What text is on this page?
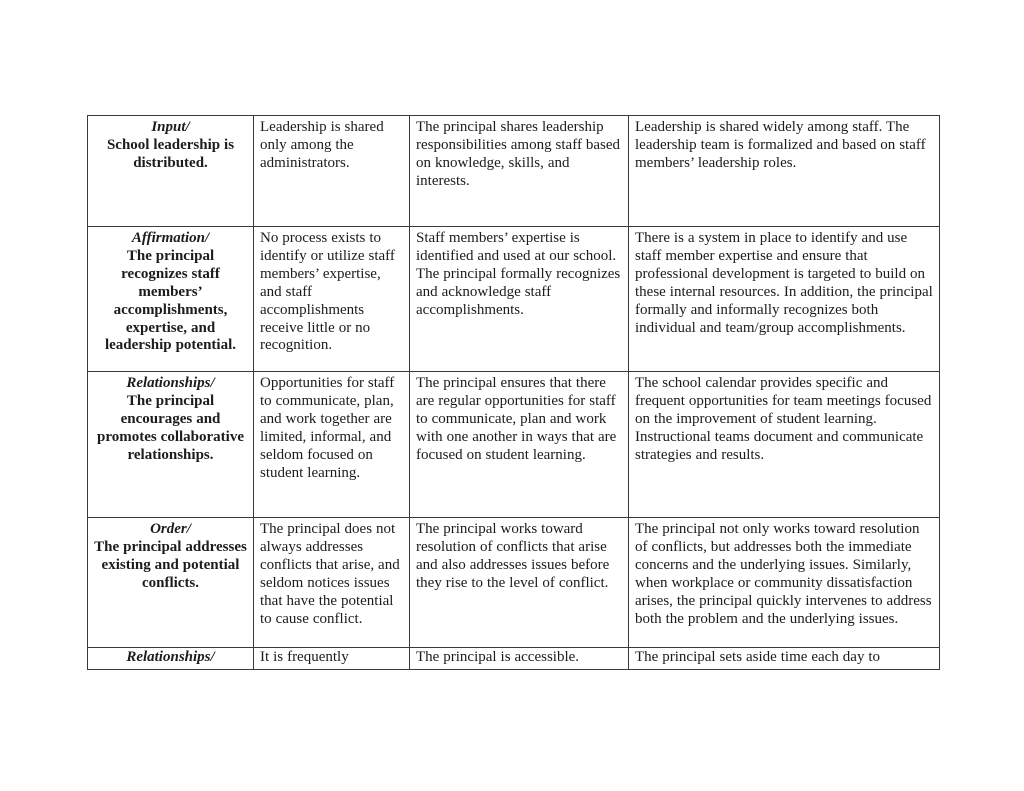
Input/
School leadership is distributed.	Leadership is shared only among the administrators.	The principal shares leadership responsibilities among staff based on knowledge, skills, and interests.	Leadership is shared widely among staff. The leadership team is formalized and based on staff members’ leadership roles.

Affirmation/
The principal recognizes staff members’ accomplishments, expertise, and leadership potential.	No process exists to identify or utilize staff members’ expertise, and staff accomplishments receive little or no recognition.	Staff members’ expertise is identified and used at our school. The principal formally recognizes and acknowledge staff accomplishments.	There is a system in place to identify and use staff member expertise and ensure that professional development is targeted to build on these internal resources. In addition, the principal formally and informally recognizes both individual and team/group accomplishments.

Relationships/
The principal encourages and promotes collaborative relationships.	Opportunities for staff to communicate, plan, and work together are limited, informal, and seldom focused on student learning.	The principal ensures that there are regular opportunities for staff to communicate, plan and work with one another in ways that are focused on student learning.	The school calendar provides specific and frequent opportunities for team meetings focused on the improvement of student learning. Instructional teams document and communicate strategies and results.

Order/
The principal addresses existing and potential conflicts.	The principal does not always addresses conflicts that arise, and seldom notices issues that have the potential to cause conflict.	The principal works toward resolution of conflicts that arise and also addresses issues before they rise to the level of conflict.	The principal not only works toward resolution of conflicts, but addresses both the immediate concerns and the underlying issues. Similarly, when workplace or community dissatisfaction arises, the principal quickly intervenes to address both the problem and the underlying issues.

Relationships/	It is frequently	The principal is accessible.	The principal sets aside time each day to
